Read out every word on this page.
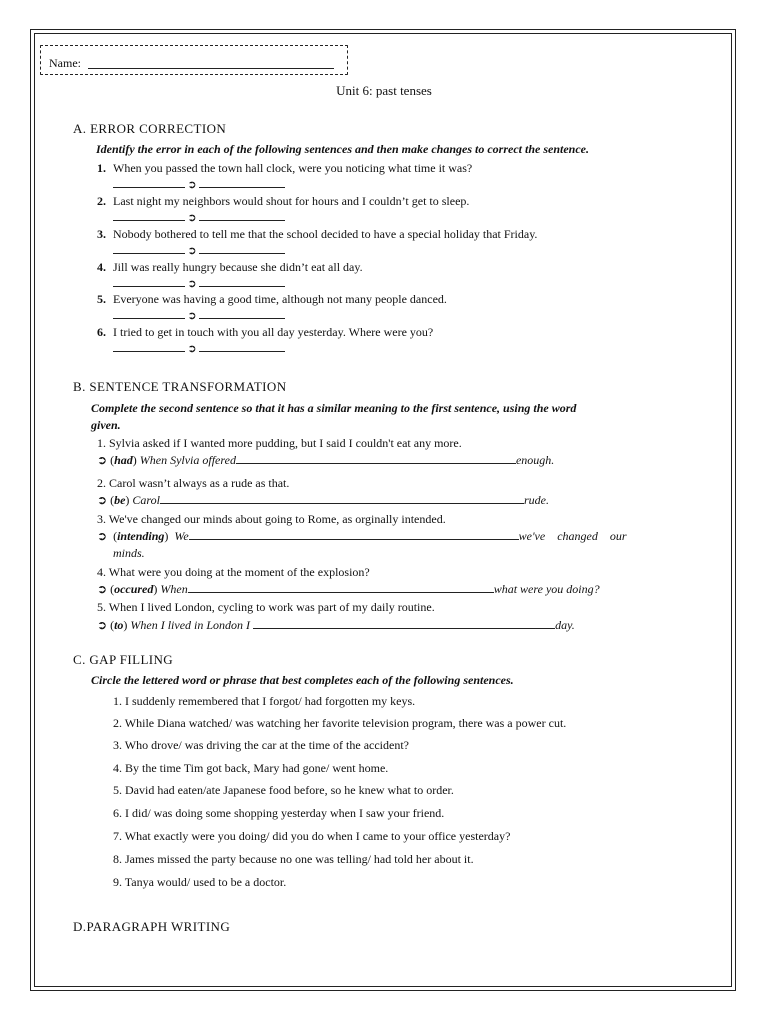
Name:
Unit 6: past tenses
A. ERROR CORRECTION
Identify the error in each of the following sentences and then make changes to correct the sentence.
1. When you passed the town hall clock, were you noticing what time it was?
➲
2. Last night my neighbors would shout for hours and I couldn’t get to sleep.
➲
3. Nobody bothered to tell me that the school decided to have a special holiday that Friday.
➲
4. Jill was really hungry because she didn’t eat all day.
➲
5. Everyone was having a good time, although not many people danced.
➲
6. I tried to get in touch with you all day yesterday. Where were you?
➲
B. SENTENCE TRANSFORMATION
Complete the second sentence so that it has a similar meaning to the first sentence, using the word
given.
1. Sylvia asked if I wanted more pudding, but I said I couldn't eat any more.
➲ (had) When Sylvia offered	enough.
2. Carol wasn’t always as a rude as that.
➲ (be) Carol	rude.
3. We've changed our minds about going to Rome, as orginally intended.
➲  (intending)  We	we've changed our
minds.
4. What were you doing at the moment of the explosion?
➲ (occured) When	what were you doing?
5. When I lived London, cycling to work was part of my daily routine.
➲ (to) When I lived in London I	day.
C. GAP FILLING
Circle the lettered word or phrase that best completes each of the following sentences.
1. I suddenly remembered that I forgot/ had forgotten my keys.
2. While Diana watched/ was watching her favorite television program, there was a power cut.
3. Who drove/ was driving the car at the time of the accident?
4. By the time Tim got back, Mary had gone/ went home.
5. David had eaten/ate Japanese food before, so he knew what to order.
6. I did/ was doing some shopping yesterday when I saw your friend.
7. What exactly were you doing/ did you do when I came to your office yesterday?
8. James missed the party because no one was telling/ had told her about it.
9. Tanya would/ used to be a doctor.
D.PARAGRAPH WRITING
